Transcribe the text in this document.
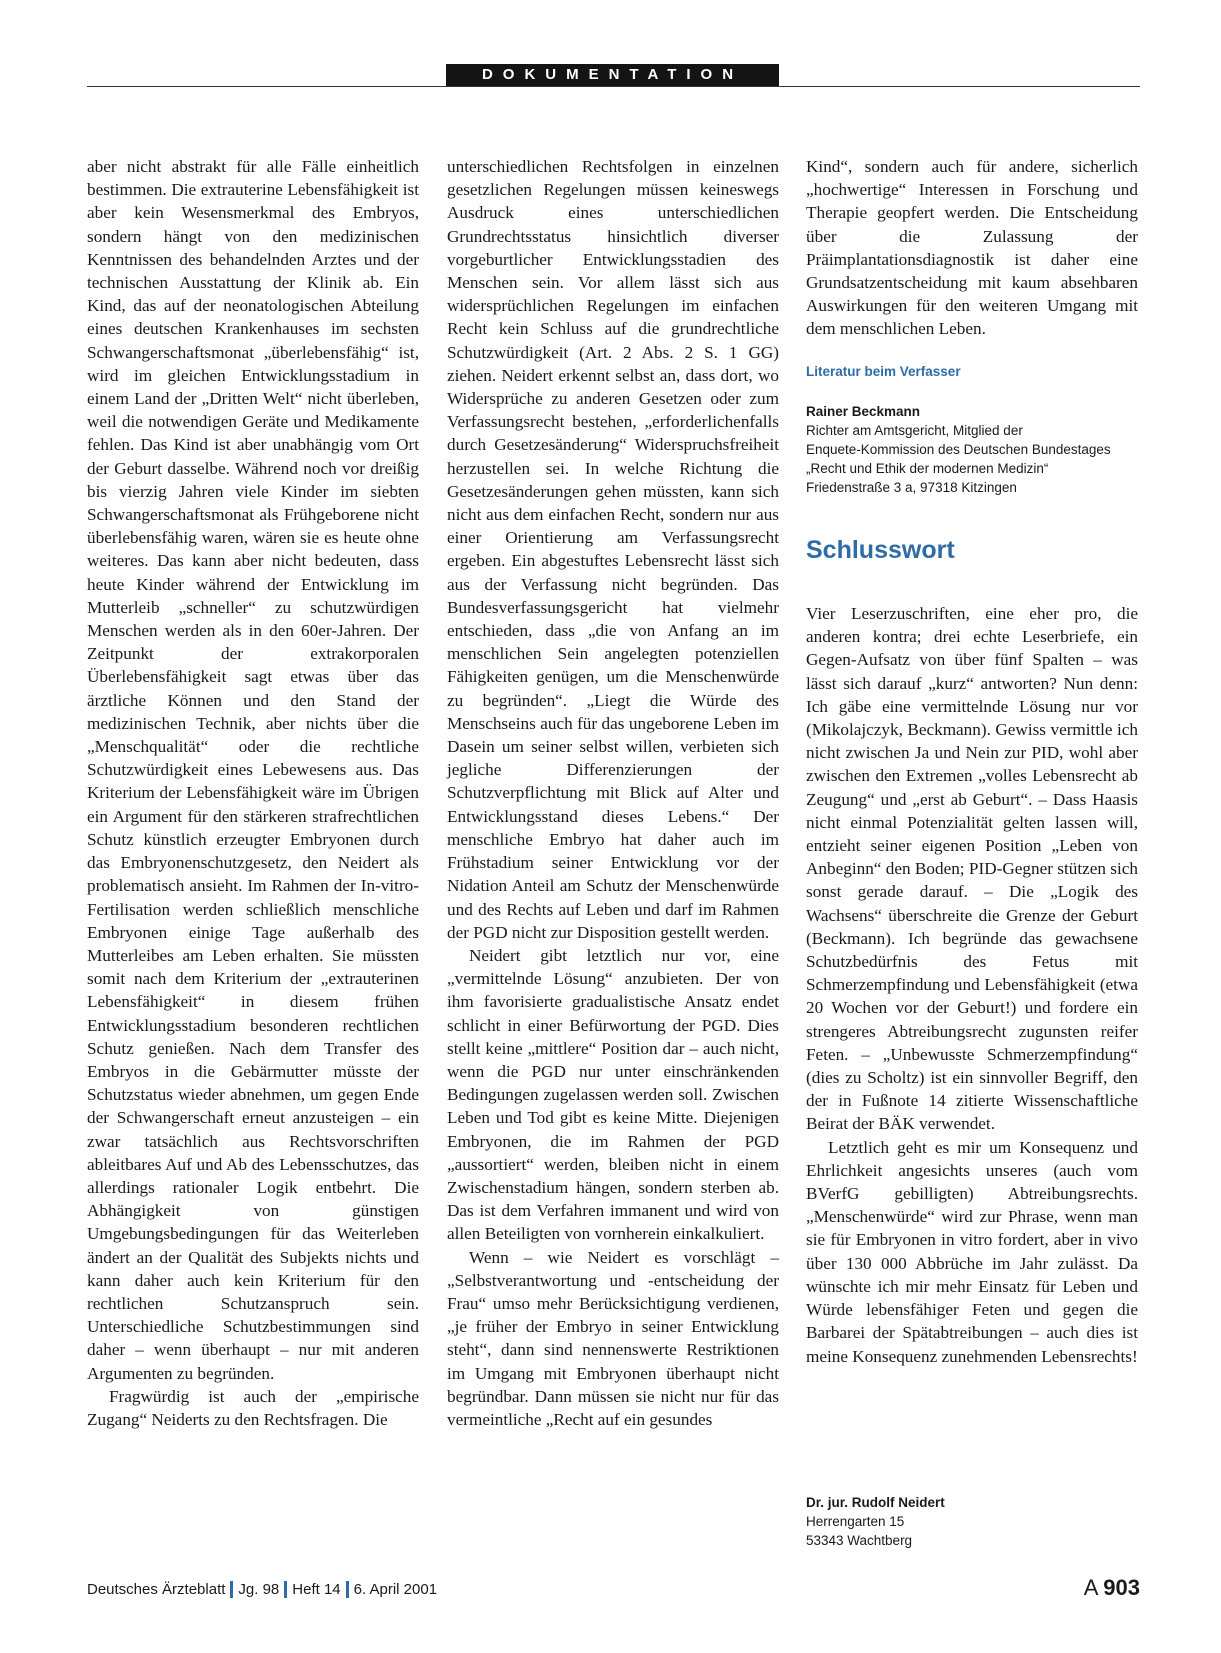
DOKUMENTATION

aber nicht abstrakt für alle Fälle einheitlich bestimmen. Die extrauterine Lebensfähigkeit ist aber kein Wesensmerkmal des Embryos, sondern hängt von den medizinischen Kenntnissen des behandelnden Arztes und der technischen Ausstattung der Klinik ab. Ein Kind, das auf der neonatologischen Abteilung eines deutschen Krankenhauses im sechsten Schwangerschaftsmonat „überlebensfähig“ ist, wird im gleichen Entwicklungsstadium in einem Land der „Dritten Welt“ nicht überleben, weil die notwendigen Geräte und Medikamente fehlen. Das Kind ist aber unabhängig vom Ort der Geburt dasselbe. Während noch vor dreißig bis vierzig Jahren viele Kinder im siebten Schwangerschaftsmonat als Frühgeborene nicht überlebensfähig waren, wären sie es heute ohne weiteres. Das kann aber nicht bedeuten, dass heute Kinder während der Entwicklung im Mutterleib „schneller“ zu schutzwürdigen Menschen werden als in den 60er-Jahren. Der Zeitpunkt der extrakorporalen Überlebensfähigkeit sagt etwas über das ärztliche Können und den Stand der medizinischen Technik, aber nichts über die „Menschqualität“ oder die rechtliche Schutzwürdigkeit eines Lebewesens aus. Das Kriterium der Lebensfähigkeit wäre im Übrigen ein Argument für den stärkeren strafrechtlichen Schutz künstlich erzeugter Embryonen durch das Embryonenschutzgesetz, den Neidert als problematisch ansieht. Im Rahmen der In-vitro-Fertilisation werden schließlich menschliche Embryonen einige Tage außerhalb des Mutterleibes am Leben erhalten. Sie müssten somit nach dem Kriterium der „extrauterinen Lebensfähigkeit“ in diesem frühen Entwicklungsstadium besonderen rechtlichen Schutz genießen. Nach dem Transfer des Embryos in die Gebärmutter müsste der Schutzstatus wieder abnehmen, um gegen Ende der Schwangerschaft erneut anzusteigen – ein zwar tatsächlich aus Rechtsvorschriften ableitbares Auf und Ab des Lebensschutzes, das allerdings rationaler Logik entbehrt. Die Abhängigkeit von günstigen Umgebungsbedingungen für das Weiterleben ändert an der Qualität des Subjekts nichts und kann daher auch kein Kriterium für den rechtlichen Schutzanspruch sein. Unterschiedliche Schutzbestimmungen sind daher – wenn überhaupt – nur mit anderen Argumenten zu begründen.

Fragwürdig ist auch der „empirische Zugang“ Neiderts zu den Rechtsfragen. Die

unterschiedlichen Rechtsfolgen in einzelnen gesetzlichen Regelungen müssen keineswegs Ausdruck eines unterschiedlichen Grundrechtsstatus hinsichtlich diverser vorgeburtlicher Entwicklungsstadien des Menschen sein. Vor allem lässt sich aus widersprüchlichen Regelungen im einfachen Recht kein Schluss auf die grundrechtliche Schutzwürdigkeit (Art. 2 Abs. 2 S. 1 GG) ziehen. Neidert erkennt selbst an, dass dort, wo Widersprüche zu anderen Gesetzen oder zum Verfassungsrecht bestehen, „erforderlichenfalls durch Gesetzesänderung“ Widerspruchsfreiheit herzustellen sei. In welche Richtung die Gesetzesänderungen gehen müssten, kann sich nicht aus dem einfachen Recht, sondern nur aus einer Orientierung am Verfassungsrecht ergeben. Ein abgestuftes Lebensrecht lässt sich aus der Verfassung nicht begründen. Das Bundesverfassungsgericht hat vielmehr entschieden, dass „die von Anfang an im menschlichen Sein angelegten potenziellen Fähigkeiten genügen, um die Menschenwürde zu begründen“. „Liegt die Würde des Menschseins auch für das ungeborene Leben im Dasein um seiner selbst willen, verbieten sich jegliche Differenzierungen der Schutzverpflichtung mit Blick auf Alter und Entwicklungsstand dieses Lebens.“ Der menschliche Embryo hat daher auch im Frühstadium seiner Entwicklung vor der Nidation Anteil am Schutz der Menschenwürde und des Rechts auf Leben und darf im Rahmen der PGD nicht zur Disposition gestellt werden.

Neidert gibt letztlich nur vor, eine „vermittelnde Lösung“ anzubieten. Der von ihm favorisierte gradualistische Ansatz endet schlicht in einer Befürwortung der PGD. Dies stellt keine „mittlere“ Position dar – auch nicht, wenn die PGD nur unter einschränkenden Bedingungen zugelassen werden soll. Zwischen Leben und Tod gibt es keine Mitte. Diejenigen Embryonen, die im Rahmen der PGD „aussortiert“ werden, bleiben nicht in einem Zwischenstadium hängen, sondern sterben ab. Das ist dem Verfahren immanent und wird von allen Beteiligten von vornherein einkalkuliert.

Wenn – wie Neidert es vorschlägt – „Selbstverantwortung und -entscheidung der Frau“ umso mehr Berücksichtigung verdienen, „je früher der Embryo in seiner Entwicklung steht“, dann sind nennenswerte Restriktionen im Umgang mit Embryonen überhaupt nicht begründbar. Dann müssen sie nicht nur für das vermeintliche „Recht auf ein gesundes

Kind“, sondern auch für andere, sicherlich „hochwertige“ Interessen in Forschung und Therapie geopfert werden. Die Entscheidung über die Zulassung der Präimplantationsdiagnostik ist daher eine Grundsatzentscheidung mit kaum absehbaren Auswirkungen für den weiteren Umgang mit dem menschlichen Leben.

Literatur beim Verfasser
Rainer Beckmann
Richter am Amtsgericht, Mitglied der
Enquete-Kommission des Deutschen Bundestages
„Recht und Ethik der modernen Medizin“
Friedenstraße 3 a, 97318 Kitzingen
Schlusswort

Vier Leserzuschriften, eine eher pro, die anderen kontra; drei echte Leserbriefe, ein Gegen-Aufsatz von über fünf Spalten – was lässt sich darauf „kurz“ antworten? Nun denn: Ich gäbe eine vermittelnde Lösung nur vor (Mikolajczyk, Beckmann). Gewiss vermittle ich nicht zwischen Ja und Nein zur PID, wohl aber zwischen den Extremen „volles Lebensrecht ab Zeugung“ und „erst ab Geburt“. – Dass Haasis nicht einmal Potenzialität gelten lassen will, entzieht seiner eigenen Position „Leben von Anbeginn“ den Boden; PID-Gegner stützen sich sonst gerade darauf. – Die „Logik des Wachsens“ überschreite die Grenze der Geburt (Beckmann). Ich begründe das gewachsene Schutzbedürfnis des Fetus mit Schmerzempfindung und Lebensfähigkeit (etwa 20 Wochen vor der Geburt!) und fordere ein strengeres Abtreibungsrecht zugunsten reifer Feten. – „Unbewusste Schmerzempfindung“ (dies zu Scholtz) ist ein sinnvoller Begriff, den der in Fußnote 14 zitierte Wissenschaftliche Beirat der BÄK verwendet.

Letztlich geht es mir um Konsequenz und Ehrlichkeit angesichts unseres (auch vom BVerfG gebilligten) Abtreibungsrechts. „Menschenwürde“ wird zur Phrase, wenn man sie für Embryonen in vitro fordert, aber in vivo über 130 000 Abbrüche im Jahr zulässt. Da wünschte ich mir mehr Einsatz für Leben und Würde lebensfähiger Feten und gegen die Barbarei der Spätabtreibungen – auch dies ist meine Konsequenz zunehmenden Lebensrechts!

Dr. jur. Rudolf Neidert
Herrengarten 15
53343 Wachtberg
Deutsches Ärzteblatt Jg. 98 Heft 14 6. April 2001	A 903
